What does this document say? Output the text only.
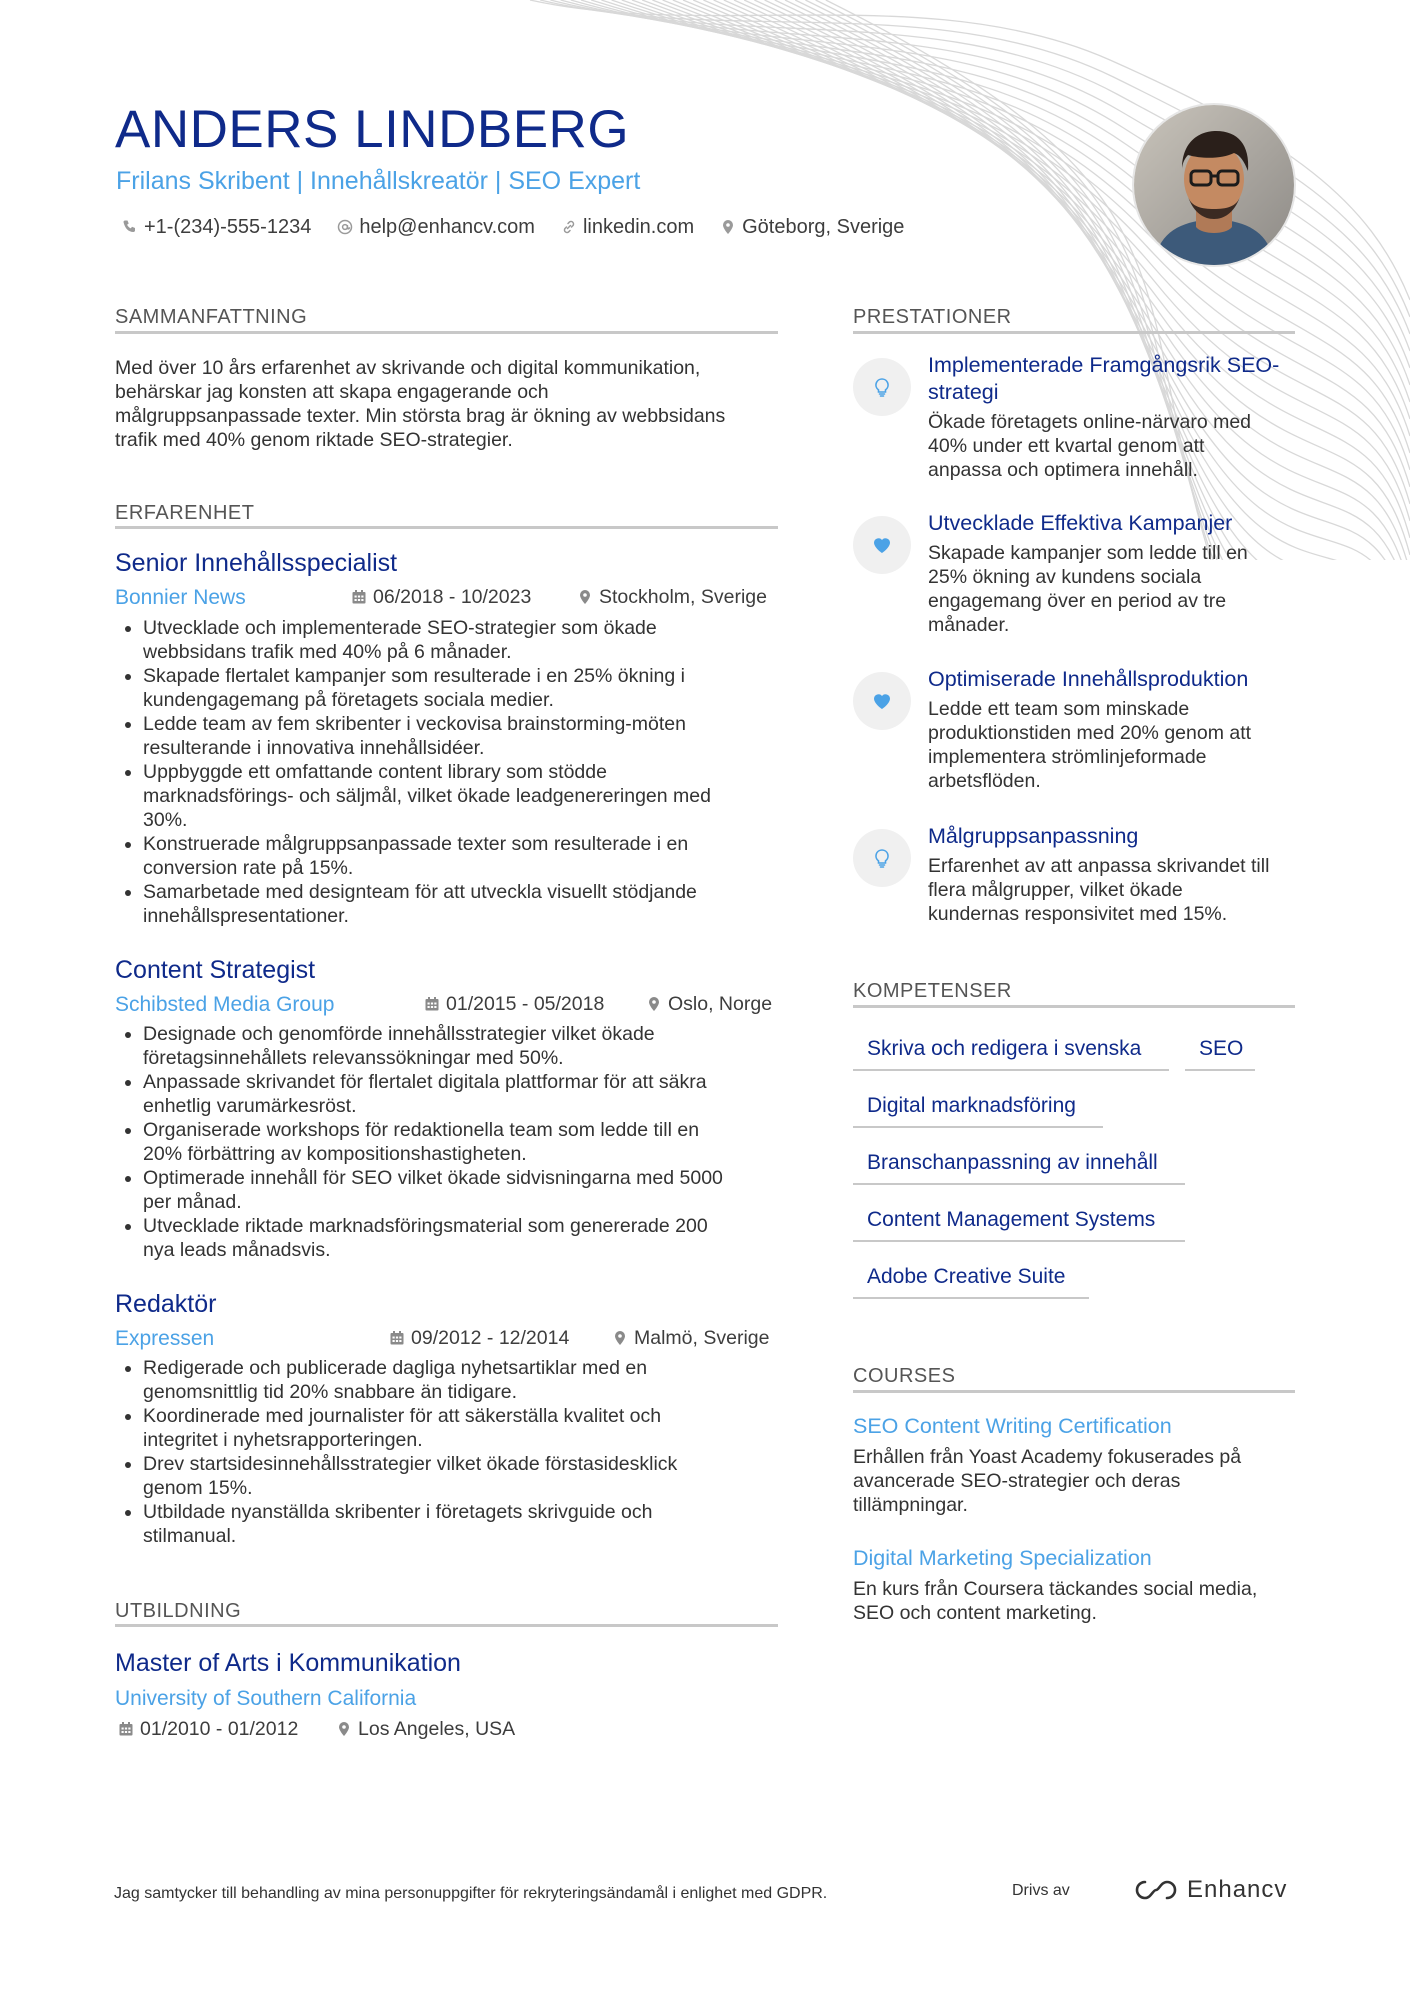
ANDERS LINDBERG
Frilans Skribent | Innehållskreatör | SEO Expert
+1-(234)-555-1234 help@enhancv.com linkedin.com Göteborg, Sverige
SAMMANFATTNING
Med över 10 års erfarenhet av skrivande och digital kommunikation,
behärskar jag konsten att skapa engagerande och
målgruppsanpassade texter. Min största brag är ökning av webbsidans
trafik med 40% genom riktade SEO-strategier.
ERFARENHET
Senior Innehållsspecialist
Bonnier News	06/2018 - 10/2023	Stockholm, Sverige
• Utvecklade och implementerade SEO-strategier som ökade
webbsidans trafik med 40% på 6 månader.
• Skapade flertalet kampanjer som resulterade i en 25% ökning i
kundengagemang på företagets sociala medier.
• Ledde team av fem skribenter i veckovisa brainstorming-möten
resulterande i innovativa innehållsidéer.
• Uppbyggde ett omfattande content library som stödde
marknadsförings- och säljmål, vilket ökade leadgenereringen med
30%.
• Konstruerade målgruppsanpassade texter som resulterade i en
conversion rate på 15%.
• Samarbetade med designteam för att utveckla visuellt stödjande
innehållspresentationer.
Content Strategist
Schibsted Media Group	01/2015 - 05/2018	Oslo, Norge
• Designade och genomförde innehållsstrategier vilket ökade
företagsinnehållets relevanssökningar med 50%.
• Anpassade skrivandet för flertalet digitala plattformar för att säkra
enhetlig varumärkesröst.
• Organiserade workshops för redaktionella team som ledde till en
20% förbättring av kompositionshastigheten.
• Optimerade innehåll för SEO vilket ökade sidvisningarna med 5000
per månad.
• Utvecklade riktade marknadsföringsmaterial som genererade 200
nya leads månadsvis.
Redaktör
Expressen	09/2012 - 12/2014	Malmö, Sverige
• Redigerade och publicerade dagliga nyhetsartiklar med en
genomsnittlig tid 20% snabbare än tidigare.
• Koordinerade med journalister för att säkerställa kvalitet och
integritet i nyhetsrapporteringen.
• Drev startsidesinnehållsstrategier vilket ökade förstasidesklick
genom 15%.
• Utbildade nyanställda skribenter i företagets skrivguide och
stilmanual.
UTBILDNING
Master of Arts i Kommunikation
University of Southern California
01/2010 - 01/2012	Los Angeles, USA
PRESTATIONER
Implementerade Framgångsrik SEO-
strategi
Ökade företagets online-närvaro med
40% under ett kvartal genom att
anpassa och optimera innehåll.
Utvecklade Effektiva Kampanjer
Skapade kampanjer som ledde till en
25% ökning av kundens sociala
engagemang över en period av tre
månader.
Optimiserade Innehållsproduktion
Ledde ett team som minskade
produktionstiden med 20% genom att
implementera strömlinjeformade
arbetsflöden.
Målgruppsanpassning
Erfarenhet av att anpassa skrivandet till
flera målgrupper, vilket ökade
kundernas responsivitet med 15%.
KOMPETENSER
Skriva och redigera i svenska	SEO
Digital marknadsföring
Branschanpassning av innehåll
Content Management Systems
Adobe Creative Suite
COURSES
SEO Content Writing Certification
Erhållen från Yoast Academy fokuserades på
avancerade SEO-strategier och deras
tillämpningar.
Digital Marketing Specialization
En kurs från Coursera täckandes social media,
SEO och content marketing.
Jag samtycker till behandling av mina personuppgifter för rekryteringsändamål i enlighet med GDPR.	Drivs av	Enhancv
